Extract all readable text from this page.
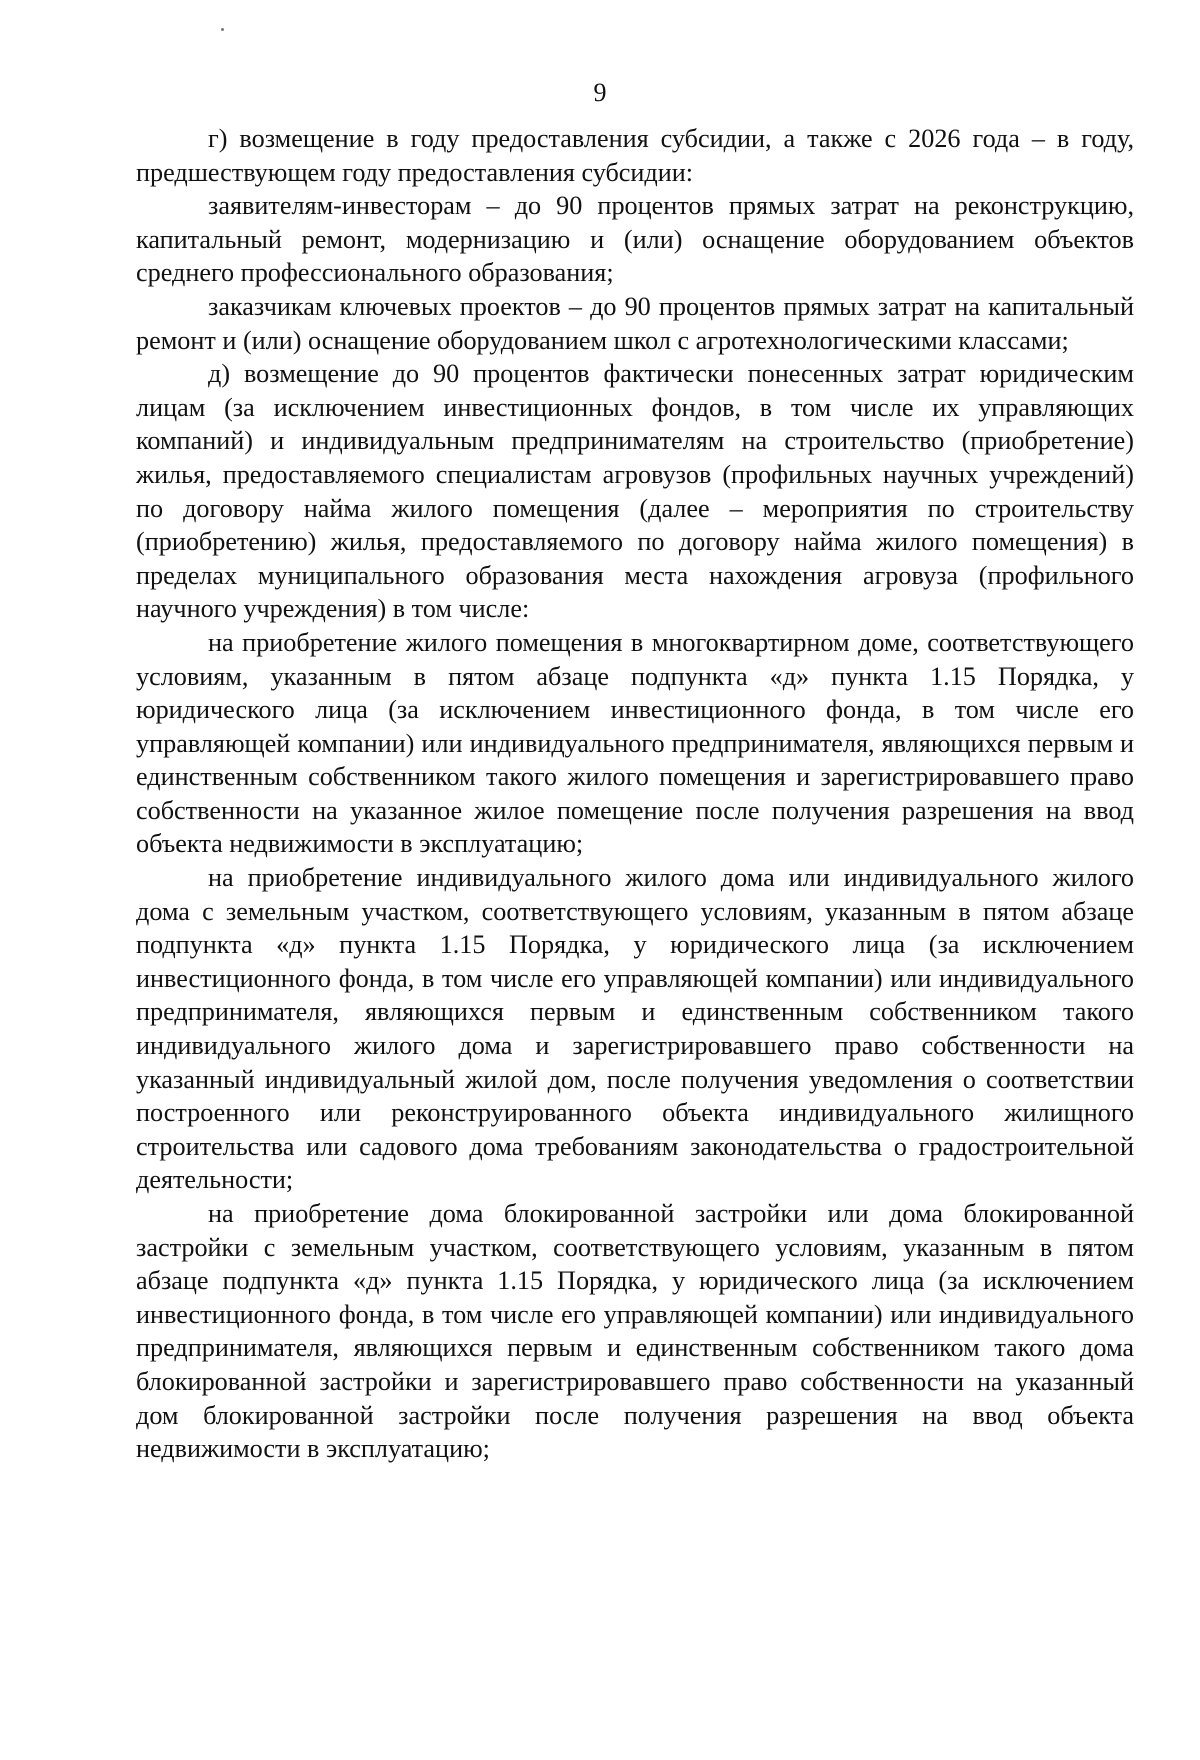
9

г) возмещение в году предоставления субсидии, а также с 2026 года – в году, предшествующем году предоставления субсидии:

заявителям-инвесторам – до 90 процентов прямых затрат на реконструкцию, капитальный ремонт, модернизацию и (или) оснащение оборудованием объектов среднего профессионального образования;

заказчикам ключевых проектов – до 90 процентов прямых затрат на капитальный ремонт и (или) оснащение оборудованием школ с агротехнологическими классами;

д) возмещение до 90 процентов фактически понесенных затрат юридическим лицам (за исключением инвестиционных фондов, в том числе их управляющих компаний) и индивидуальным предпринимателям на строительство (приобретение) жилья, предоставляемого специалистам агровузов (профильных научных учреждений) по договору найма жилого помещения (далее – мероприятия по строительству (приобретению) жилья, предоставляемого по договору найма жилого помещения) в пределах муниципального образования места нахождения агровуза (профильного научного учреждения) в том числе:

на приобретение жилого помещения в многоквартирном доме, соответствующего условиям, указанным в пятом абзаце подпункта «д» пункта 1.15 Порядка, у юридического лица (за исключением инвестиционного фонда, в том числе его управляющей компании) или индивидуального предпринимателя, являющихся первым и единственным собственником такого жилого помещения и зарегистрировавшего право собственности на указанное жилое помещение после получения разрешения на ввод объекта недвижимости в эксплуатацию;

на приобретение индивидуального жилого дома или индивидуального жилого дома с земельным участком, соответствующего условиям, указанным в пятом абзаце подпункта «д» пункта 1.15 Порядка, у юридического лица (за исключением инвестиционного фонда, в том числе его управляющей компании) или индивидуального предпринимателя, являющихся первым и единственным собственником такого индивидуального жилого дома и зарегистрировавшего право собственности на указанный индивидуальный жилой дом, после получения уведомления о соответствии построенного или реконструированного объекта индивидуального жилищного строительства или садового дома требованиям законодательства о градостроительной деятельности;

на приобретение дома блокированной застройки или дома блокированной застройки с земельным участком, соответствующего условиям, указанным в пятом абзаце подпункта «д» пункта 1.15 Порядка, у юридического лица (за исключением инвестиционного фонда, в том числе его управляющей компании) или индивидуального предпринимателя, являющихся первым и единственным собственником такого дома блокированной застройки и зарегистрировавшего право собственности на указанный дом блокированной застройки после получения разрешения на ввод объекта недвижимости в эксплуатацию;
